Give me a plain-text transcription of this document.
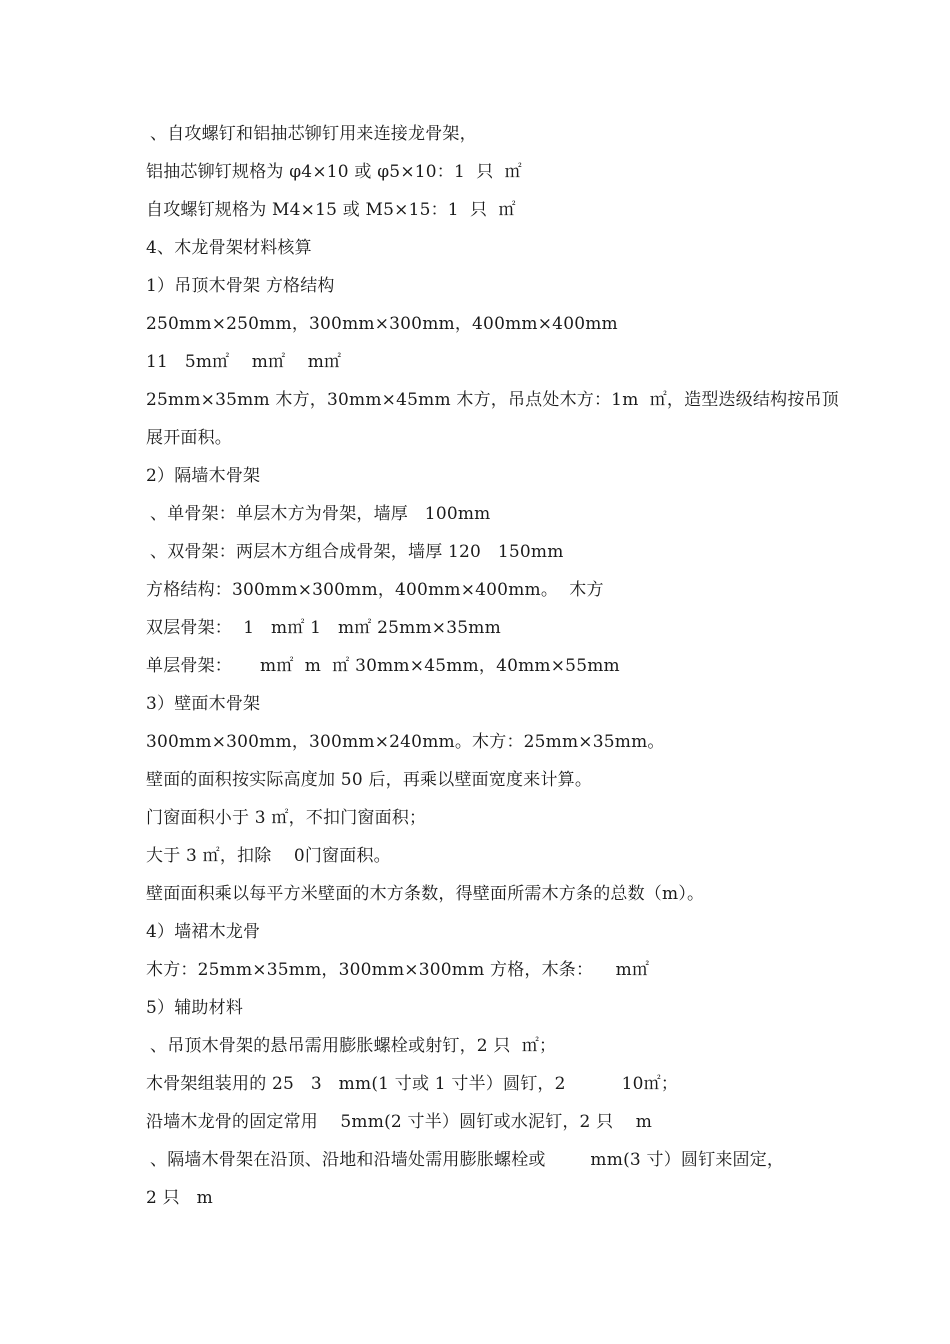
、自攻螺钉和铝抽芯铆钉用来连接龙骨架，
铝抽芯铆钉规格为 φ4×10 或 φ5×10：1  只  ㎡
自攻螺钉规格为 M4×15 或 M5×15：1  只  ㎡
4、木龙骨架材料核算
1）吊顶木骨架 方格结构
250mm×250mm，300mm×300mm，400mm×400mm
11   5m㎡    m㎡    m㎡
25mm×35mm 木方，30mm×45mm 木方，吊点处木方：1m  ㎡，造型迭级结构按吊顶
展开面积。
2）隔墙木骨架
、单骨架：单层木方为骨架，墙厚   100mm
、双骨架：两层木方组合成骨架，墙厚 120   150mm
方格结构：300mm×300mm，400mm×400mm。  木方
双层骨架：  1   m㎡ 1   m㎡ 25mm×35mm
单层骨架：     m㎡  m  ㎡ 30mm×45mm，40mm×55mm
3）壁面木骨架
300mm×300mm，300mm×240mm。木方：25mm×35mm。
壁面的面积按实际高度加 50 后，再乘以壁面宽度来计算。
门窗面积小于 3 ㎡，不扣门窗面积；
大于 3 ㎡，扣除    0门窗面积。
壁面面积乘以每平方米壁面的木方条数，得壁面所需木方条的总数（m）。
4）墙裙木龙骨
木方：25mm×35mm，300mm×300mm 方格，木条：    m㎡
5）辅助材料
、吊顶木骨架的悬吊需用膨胀螺栓或射钉，2 只  ㎡；
木骨架组装用的 25   3   mm(1 寸或 1 寸半）圆钉，2          10㎡；
沿墙木龙骨的固定常用    5mm(2 寸半）圆钉或水泥钉，2 只    m
、隔墙木骨架在沿顶、沿地和沿墙处需用膨胀螺栓或        mm(3 寸）圆钉来固定，
2 只   m
